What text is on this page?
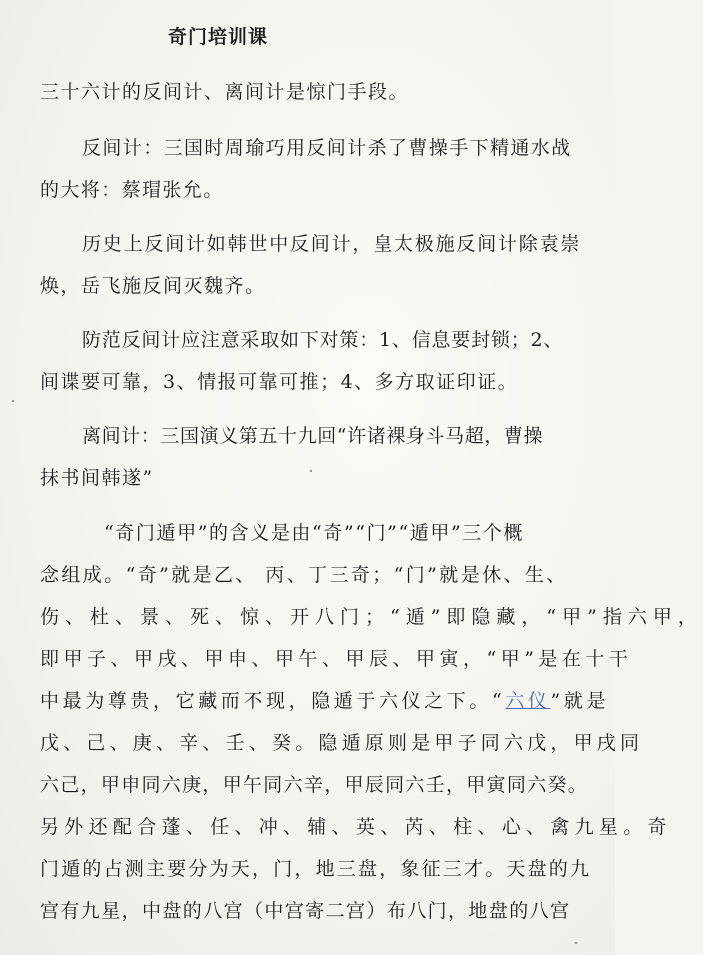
奇门培训课
三十六计的反间计、离间计是惊门手段。
反间计：三国时周瑜巧用反间计杀了曹操手下精通水战
的大将：蔡瑁张允。
历史上反间计如韩世中反间计，皇太极施反间计除袁崇
焕，岳飞施反间灭魏齐。
防范反间计应注意采取如下对策：1、信息要封锁；2、
间谍要可靠，3、情报可靠可推；4、多方取证印证。
离间计：三国演义第五十九回“许诸裸身斗马超，曹操
抹书间韩遂”
“奇门遁甲”的含义是由“奇”“门”“遁甲”三个概
念组成。“奇”就是乙、 丙、丁三奇；“门”就是休、生、
伤、杜、景、死、惊、开八门；“遁”即隐藏，“甲”指六甲，
即甲子、甲戌、甲申、甲午、甲辰、甲寅，“甲”是在十干
中最为尊贵，它藏而不现，隐遁于六仪之下。“六仪”就是
戊、己、庚、辛、壬、癸。隐遁原则是甲子同六戊，甲戌同
六己，甲申同六庚，甲午同六辛，甲辰同六壬，甲寅同六癸。
另外还配合蓬、任、冲、辅、英、芮、柱、心、禽九星。奇
门遁的占测主要分为天，门，地三盘，象征三才。天盘的九
宫有九星，中盘的八宫（中宫寄二宫）布八门，地盘的八宫
